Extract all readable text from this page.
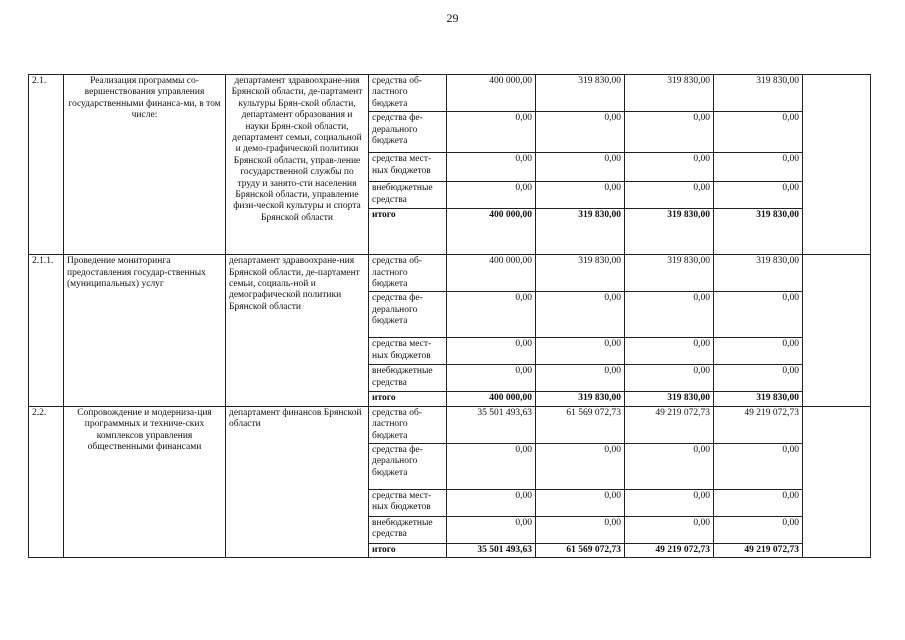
29
2.1.	Реализация программы со-вершенствования управления государственными финанса-ми, в том числе:	департамент здравоохране-ния Брянской области, де-партамент культуры Брян-ской области, департамент образования и науки Брян-ской области, департамент семьи, социальной и демо-графической политики Брянской области, управ-ление государственной службы по труду и занято-сти населения Брянской области, управление физи-ческой культуры и спорта Брянской области	средства об-ластного бюджета	400 000,00	319 830,00	319 830,00	319 830,00	
			средства фе-дерального бюджета	0,00	0,00	0,00	0,00	
			средства мест-ных бюджетов	0,00	0,00	0,00	0,00	
			внебюджетные средства	0,00	0,00	0,00	0,00	
			итого	400 000,00	319 830,00	319 830,00	319 830,00	
2.1.1.	Проведение мониторинга предоставления государ-ственных (муниципальных) услуг	департамент здравоохране-ния Брянской области, де-партамент семьи, социаль-ной и демографической политики Брянской области	средства об-ластного бюджета	400 000,00	319 830,00	319 830,00	319 830,00	
			средства фе-дерального бюджета	0,00	0,00	0,00	0,00	
			средства мест-ных бюджетов	0,00	0,00	0,00	0,00	
			внебюджетные средства	0,00	0,00	0,00	0,00	
			итого	400 000,00	319 830,00	319 830,00	319 830,00	
2.2.	Сопровождение и модерниза-ция программных и техниче-ских комплексов управления общественными финансами	департамент финансов Брянской области	средства об-ластного бюджета	35 501 493,63	61 569 072,73	49 219 072,73	49 219 072,73	
			средства фе-дерального бюджета	0,00	0,00	0,00	0,00	
			средства мест-ных бюджетов	0,00	0,00	0,00	0,00	
			внебюджетные средства	0,00	0,00	0,00	0,00	
			итого	35 501 493,63	61 569 072,73	49 219 072,73	49 219 072,73	
